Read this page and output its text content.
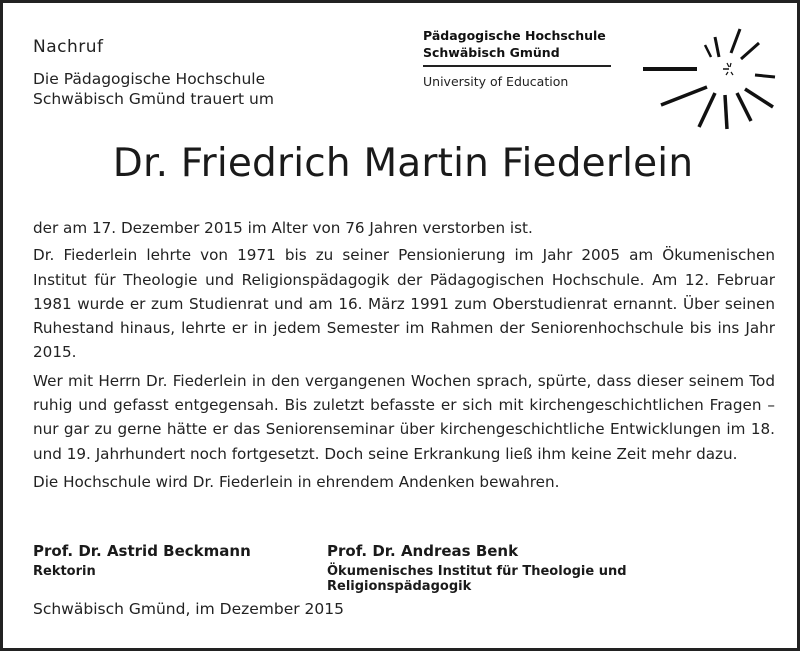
Nachruf
Die Pädagogische Hochschule
Schwäbisch Gmünd trauert um
Pädagogische Hochschule
Schwäbisch Gmünd
University of Education
Dr. Friedrich Martin Fiederlein

der am 17. Dezember 2015 im Alter von 76 Jahren verstorben ist.

Dr. Fiederlein lehrte von 1971 bis zu seiner Pensionierung im Jahr 2005 am Ökumenischen Institut für Theologie und Religionspädagogik der Pädagogischen Hochschule. Am 12. Februar 1981 wurde er zum Studienrat und am 16. März 1991 zum Oberstudienrat ernannt. Über seinen Ruhestand hinaus, lehrte er in jedem Semester im Rahmen der Seniorenhochschule bis ins Jahr 2015.

Wer mit Herrn Dr. Fiederlein in den vergangenen Wochen sprach, spürte, dass dieser seinem Tod ruhig und gefasst entgegensah. Bis zuletzt befasste er sich mit kirchengeschichtlichen Fragen – nur gar zu gerne hätte er das Seniorenseminar über kirchengeschichtliche Entwicklungen im 18. und 19. Jahrhundert noch fortgesetzt. Doch seine Erkrankung ließ ihm keine Zeit mehr dazu.

Die Hochschule wird Dr. Fiederlein in ehrendem Andenken bewahren.

Prof. Dr. Astrid Beckmann
Rektorin
Prof. Dr. Andreas Benk
Ökumenisches Institut für Theologie und Religionspädagogik
Schwäbisch Gmünd, im Dezember 2015
